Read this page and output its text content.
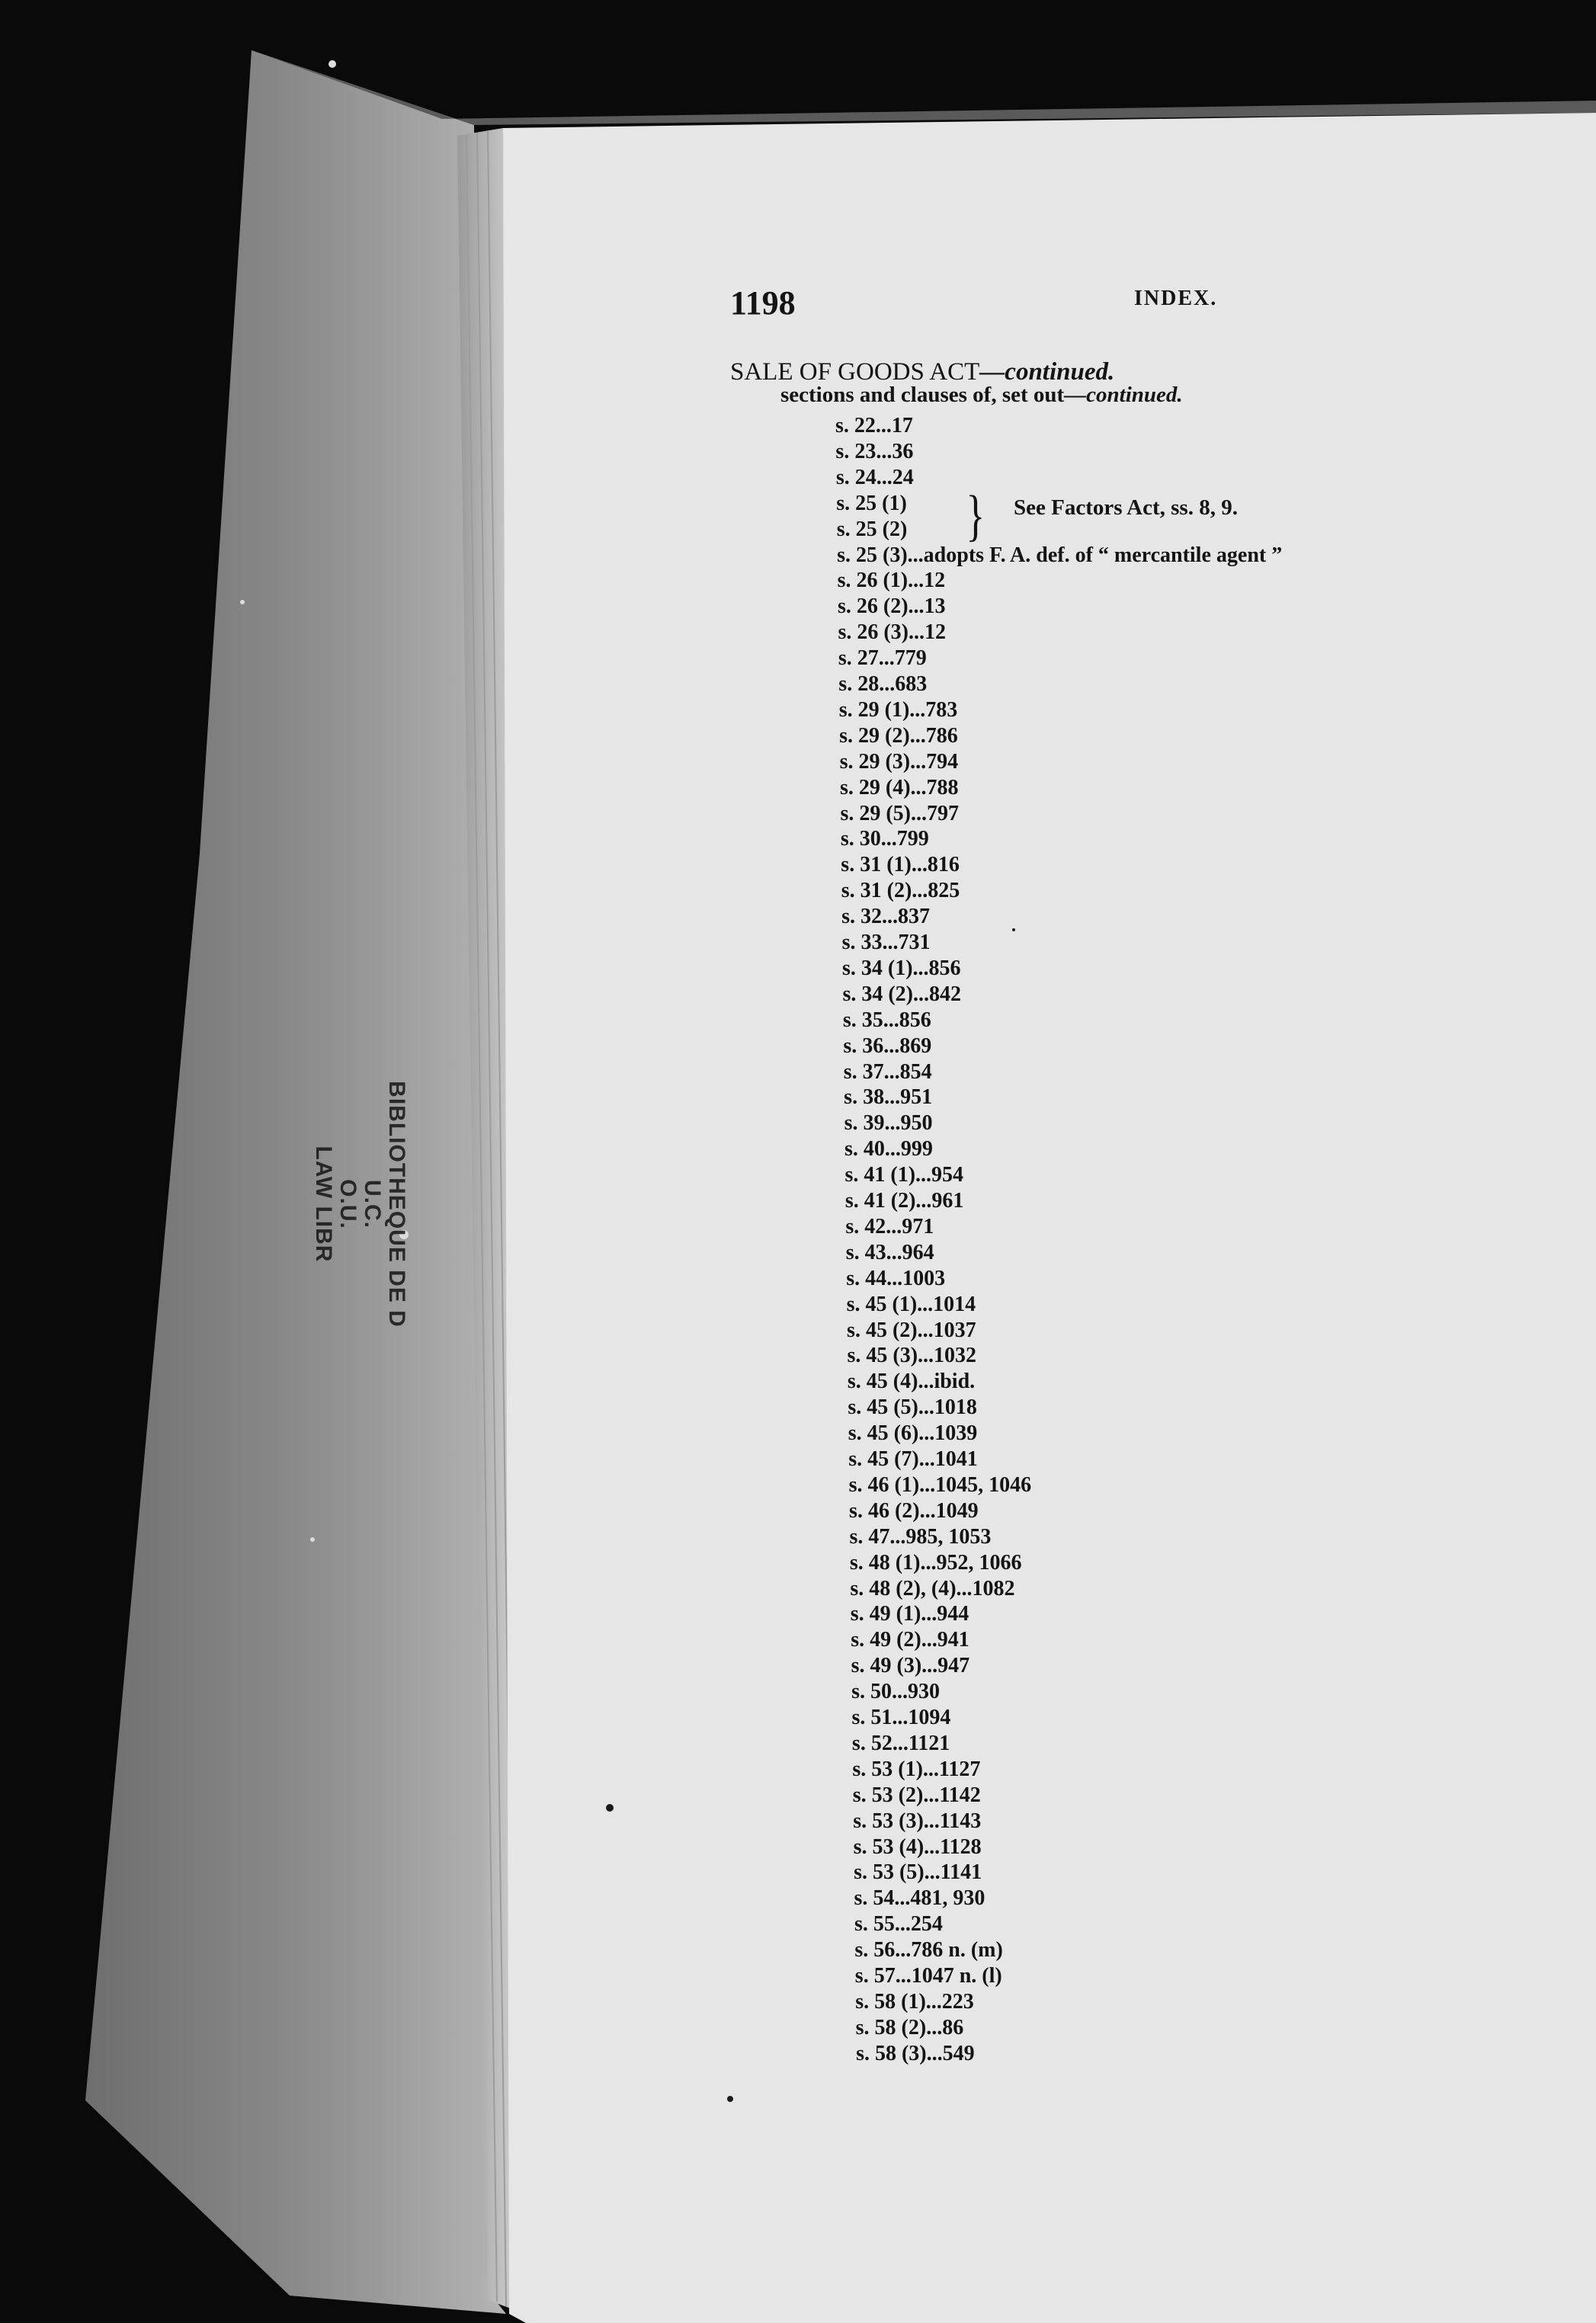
BIBLIOTHEQUE DE D
U.C.
O.U.
LAW LIBR
1198	INDEX.
SALE OF GOODS ACT—continued.
sections and clauses of, set out—continued.
} See Factors Act, ss. 8, 9.
s. 22...17
s. 23...36
s. 24...24
s. 25 (1)
s. 25 (2)
s. 25 (3)...adopts F. A. def. of “ mercantile agent ”
s. 26 (1)...12
s. 26 (2)...13
s. 26 (3)...12
s. 27...779
s. 28...683
s. 29 (1)...783
s. 29 (2)...786
s. 29 (3)...794
s. 29 (4)...788
s. 29 (5)...797
s. 30...799
s. 31 (1)...816
s. 31 (2)...825
s. 32...837
s. 33...731
s. 34 (1)...856
s. 34 (2)...842
s. 35...856
s. 36...869
s. 37...854
s. 38...951
s. 39...950
s. 40...999
s. 41 (1)...954
s. 41 (2)...961
s. 42...971
s. 43...964
s. 44...1003
s. 45 (1)...1014
s. 45 (2)...1037
s. 45 (3)...1032
s. 45 (4)...ibid.
s. 45 (5)...1018
s. 45 (6)...1039
s. 45 (7)...1041
s. 46 (1)...1045, 1046
s. 46 (2)...1049
s. 47...985, 1053
s. 48 (1)...952, 1066
s. 48 (2), (4)...1082
s. 49 (1)...944
s. 49 (2)...941
s. 49 (3)...947
s. 50...930
s. 51...1094
s. 52...1121
s. 53 (1)...1127
s. 53 (2)...1142
s. 53 (3)...1143
s. 53 (4)...1128
s. 53 (5)...1141
s. 54...481, 930
s. 55...254
s. 56...786 n. (m)
s. 57...1047 n. (l)
s. 58 (1)...223
s. 58 (2)...86
s. 58 (3)...549
